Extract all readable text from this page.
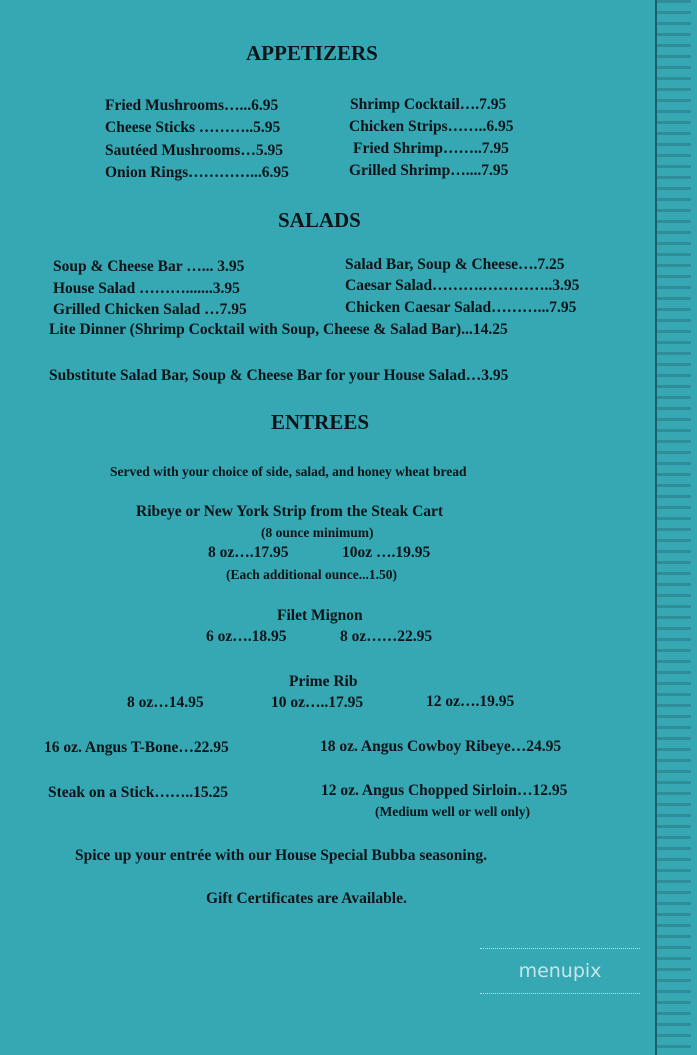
APPETIZERS
Fried Mushrooms…...6.95
Cheese Sticks ………..5.95
Sautéed Mushrooms…5.95
Onion Rings…………...6.95
Shrimp Cocktail….7.95
Chicken Strips……..6.95
Fried Shrimp……..7.95
Grilled Shrimp…....7.95
SALADS
Soup & Cheese Bar …... 3.95
House Salad ……….......3.95
Grilled Chicken Salad …7.95
Salad Bar, Soup & Cheese….7.25
Caesar Salad……….…………..3.95
Chicken Caesar Salad………...7.95
Lite Dinner (Shrimp Cocktail with Soup, Cheese & Salad Bar)...14.25
Substitute Salad Bar, Soup & Cheese Bar for your House Salad…3.95
ENTREES
Served with your choice of side, salad, and honey wheat bread
Ribeye or New York Strip from the Steak Cart
(8 ounce minimum)
8 oz….17.95	10oz ….19.95
(Each additional ounce...1.50)
Filet Mignon
6 oz….18.95	8 oz……22.95
Prime Rib
8 oz…14.95	10 oz…..17.95	12 oz….19.95
16 oz. Angus T-Bone…22.95	18 oz. Angus Cowboy Ribeye…24.95
Steak on a Stick……..15.25	12 oz. Angus Chopped Sirloin…12.95
(Medium well or well only)
Spice up your entrée with our House Special Bubba seasoning.
Gift Certificates are Available.
menupix
